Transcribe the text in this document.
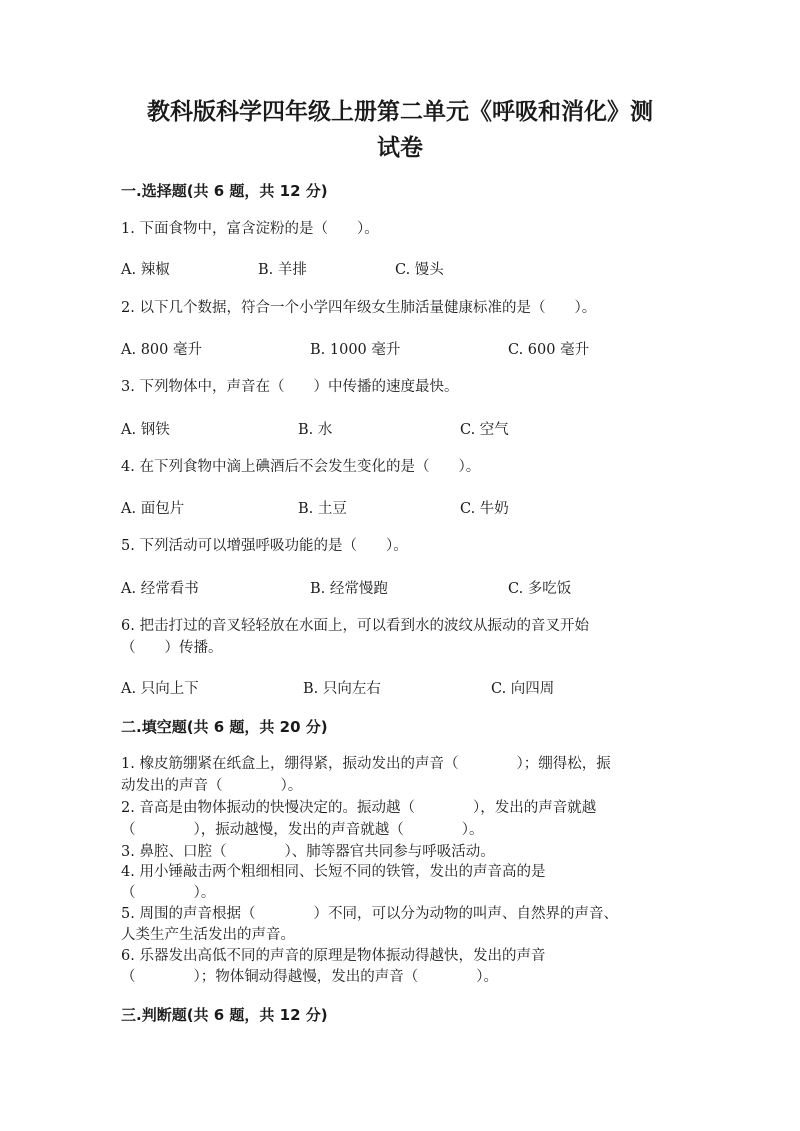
教科版科学四年级上册第二单元《呼吸和消化》测
试卷
一.选择题(共 6 题，共 12 分)
1. 下面食物中，富含淀粉的是（　　）。
A. 辣椒	B. 羊排	C. 馒头
2. 以下几个数据，符合一个小学四年级女生肺活量健康标准的是（　　）。
A. 800 毫升	B. 1000 毫升	C. 600 毫升
3. 下列物体中，声音在（　　）中传播的速度最快。
A. 钢铁	B. 水	C. 空气
4. 在下列食物中滴上碘酒后不会发生变化的是（　　）。
A. 面包片	B. 土豆	C. 牛奶
5. 下列活动可以增强呼吸功能的是（　　）。
A. 经常看书	B. 经常慢跑	C. 多吃饭
6. 把击打过的音叉轻轻放在水面上，可以看到水的波纹从振动的音叉开始
（　　）传播。
A. 只向上下	B. 只向左右	C. 向四周
二.填空题(共 6 题，共 20 分)
1. 橡皮筋绷紧在纸盒上，绷得紧，振动发出的声音（　　　　）；绷得松，振
动发出的声音（　　　　）。
2. 音高是由物体振动的快慢决定的。振动越（　　　　），发出的声音就越
（　　　　），振动越慢，发出的声音就越（　　　　）。
3. 鼻腔、口腔（　　　　）、肺等器官共同参与呼吸活动。
4. 用小锤敲击两个粗细相同、长短不同的铁管，发出的声音高的是
（　　　　）。
5. 周围的声音根据（　　　　）不同，可以分为动物的叫声、自然界的声音、
人类生产生活发出的声音。
6. 乐器发出高低不同的声音的原理是物体振动得越快，发出的声音
（　　　　）；物体铜动得越慢，发出的声音（　　　　）。
三.判断题(共 6 题，共 12 分)
